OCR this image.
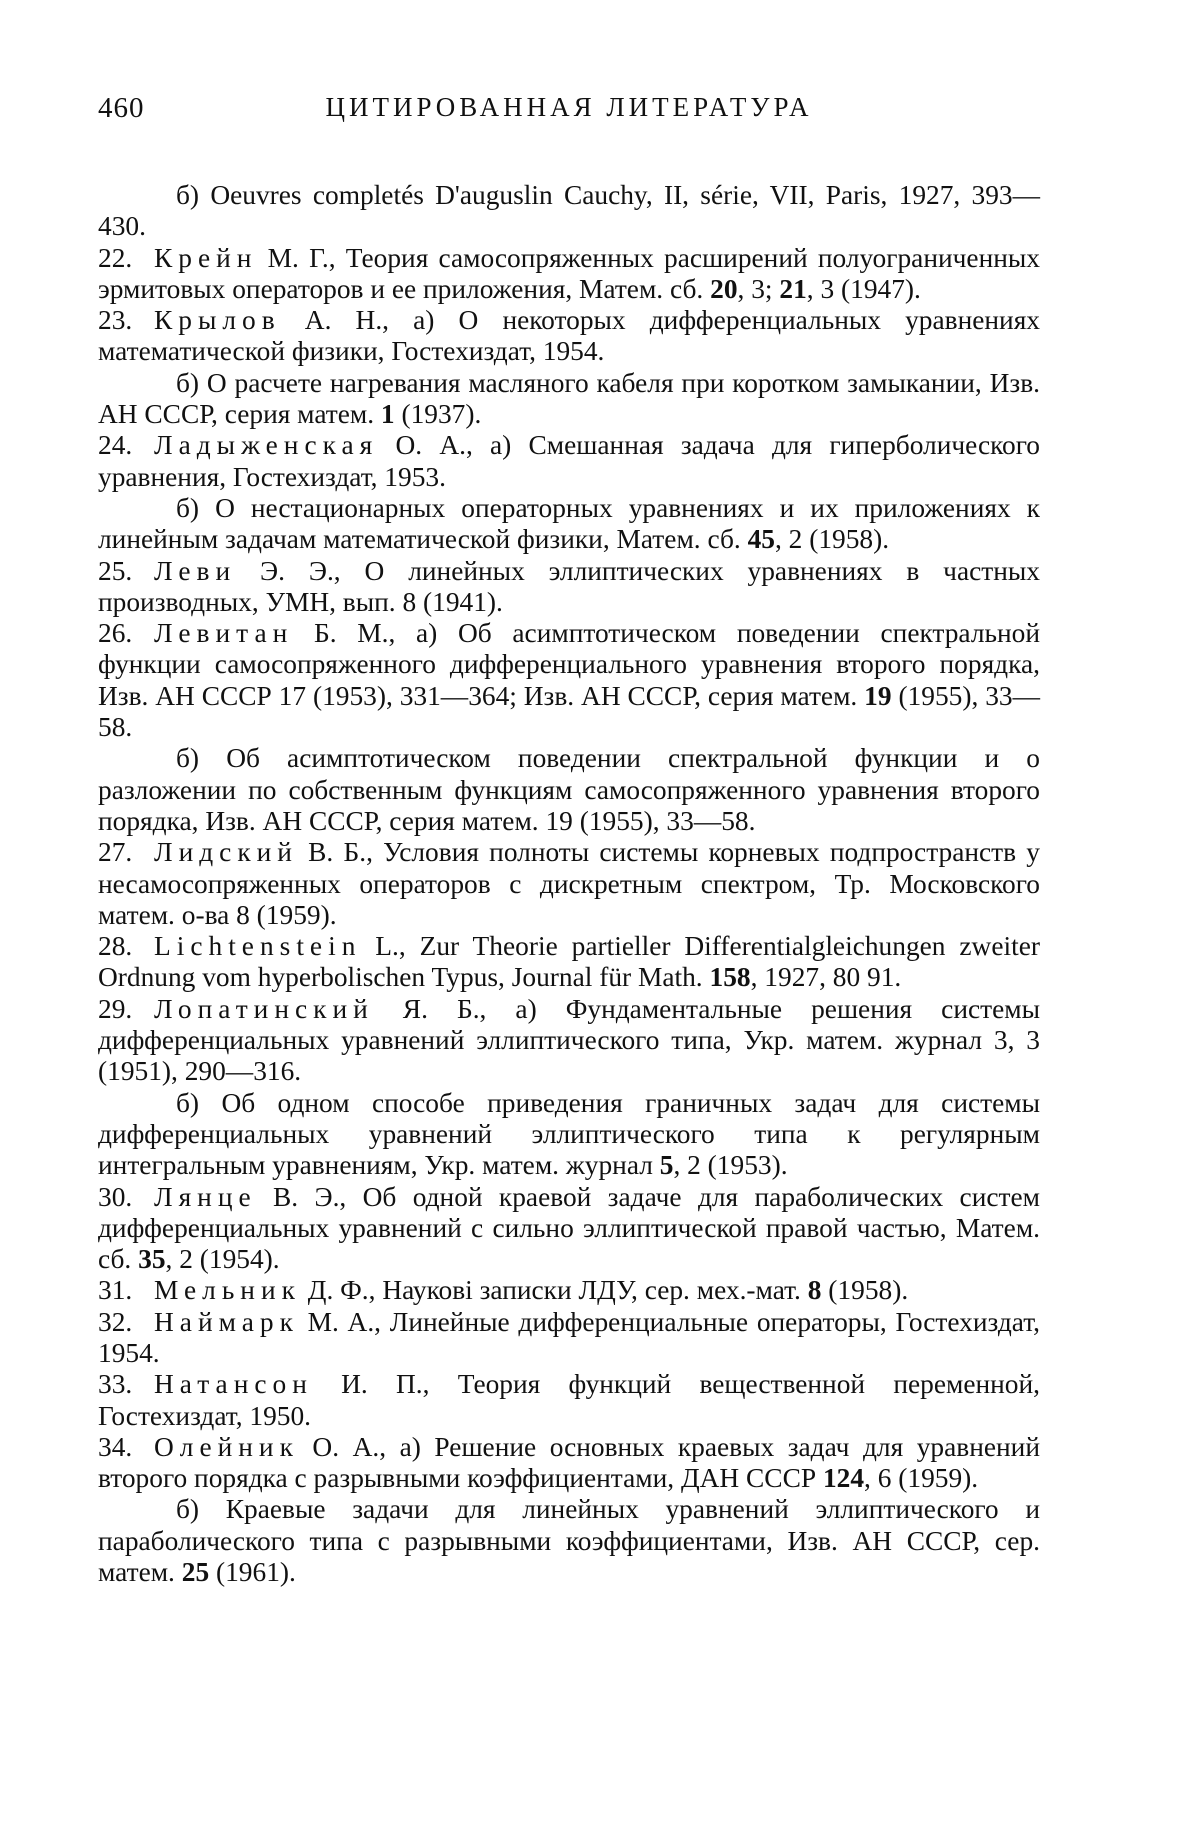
460	ЦИТИРОВАННАЯ ЛИТЕРАТУРА

б) Oeuvres completés D'auguslin Cauchy, II, série, VII, Paris, 1927, 393—430.

22. Крейн М. Г., Теория самосопряженных расширений полуограниченных эрмитовых операторов и ее приложения, Матем. сб. 20, 3; 21, 3 (1947).

23. Крылов А. Н., а) О некоторых дифференциальных уравнениях математической физики, Гостехиздат, 1954.

б) О расчете нагревания масляного кабеля при коротком замыкании, Изв. АН СССР, серия матем. 1 (1937).

24. Ладыженская О. А., а) Смешанная задача для гиперболического уравнения, Гостехиздат, 1953.

б) О нестационарных операторных уравнениях и их приложениях к линейным задачам математической физики, Матем. сб. 45, 2 (1958).

25. Леви Э. Э., О линейных эллиптических уравнениях в частных производных, УМН, вып. 8 (1941).

26. Левитан Б. М., а) Об асимптотическом поведении спектральной функции самосопряженного дифференциального уравнения второго порядка, Изв. АН СССР 17 (1953), 331—364; Изв. АН СССР, серия матем. 19 (1955), 33—58.

б) Об асимптотическом поведении спектральной функции и о разложении по собственным функциям самосопряженного уравнения второго порядка, Изв. АН СССР, серия матем. 19 (1955), 33—58.

27. Лидский В. Б., Условия полноты системы корневых подпространств у несамосопряженных операторов с дискретным спектром, Тр. Московского матем. о-ва 8 (1959).

28. Lichtenstein L., Zur Theorie partieller Differentialgleichungen zweiter Ordnung vom hyperbolischen Typus, Journal für Math. 158, 1927, 80 91.

29. Лопатинский Я. Б., а) Фундаментальные решения системы дифференциальных уравнений эллиптического типа, Укр. матем. журнал 3, 3 (1951), 290—316.

б) Об одном способе приведения граничных задач для системы дифференциальных уравнений эллиптического типа к регулярным интегральным уравнениям, Укр. матем. журнал 5, 2 (1953).

30. Лянце В. Э., Об одной краевой задаче для параболических систем дифференциальных уравнений с сильно эллиптической правой частью, Матем. сб. 35, 2 (1954).

31. Мельник Д. Ф., Наукові записки ЛДУ, сер. мех.-мат. 8 (1958).

32. Наймарк М. А., Линейные дифференциальные операторы, Гостехиздат, 1954.

33. Натансон И. П., Теория функций вещественной переменной, Гостехиздат, 1950.

34. Олейник О. А., а) Решение основных краевых задач для уравнений второго порядка с разрывными коэффициентами, ДАН СССР 124, 6 (1959).

б) Краевые задачи для линейных уравнений эллиптического и параболического типа с разрывными коэффициентами, Изв. АН СССР, сер. матем. 25 (1961).
